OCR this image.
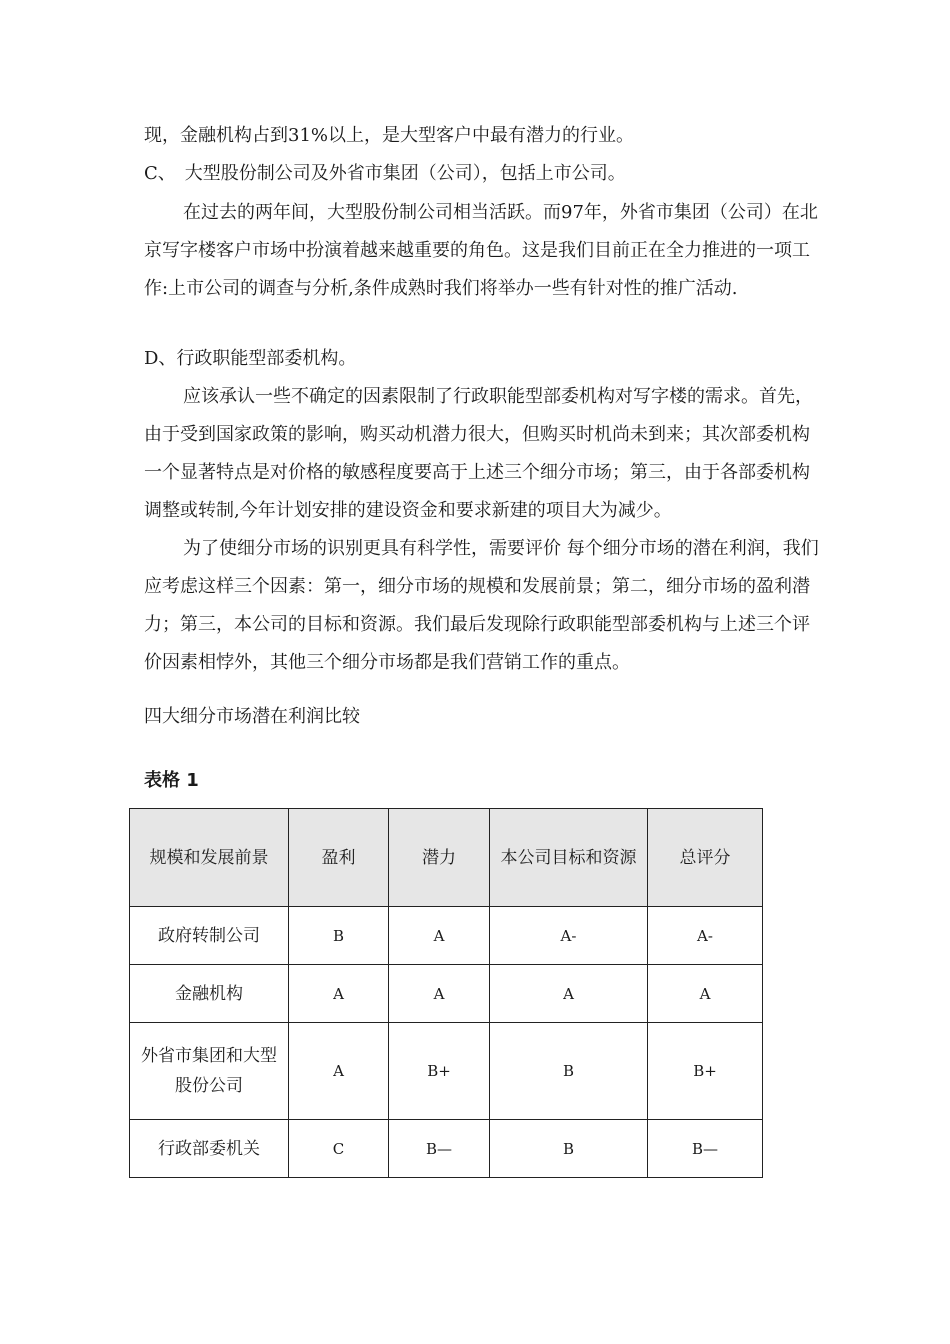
现，金融机构占到31%以上，是大型客户中最有潜力的行业。
C、　大型股份制公司及外省市集团（公司），包括上市公司。
在过去的两年间，大型股份制公司相当活跃。而97年，外省市集团（公司）在北京写字楼客户市场中扮演着越来越重要的角色。这是我们目前正在全力推进的一项工作:上市公司的调查与分析,条件成熟时我们将举办一些有针对性的推广活动.
D、行政职能型部委机构。
应该承认一些不确定的因素限制了行政职能型部委机构对写字楼的需求。首先，由于受到国家政策的影响，购买动机潜力很大，但购买时机尚未到来；其次部委机构一个显著特点是对价格的敏感程度要高于上述三个细分市场；第三，由于各部委机构调整或转制,今年计划安排的建设资金和要求新建的项目大为减少。
为了使细分市场的识别更具有科学性，需要评价 每个细分市场的潜在利润，我们应考虑这样三个因素：第一，细分市场的规模和发展前景；第二，细分市场的盈利潜力；第三，本公司的目标和资源。我们最后发现除行政职能型部委机构与上述三个评价因素相悖外，其他三个细分市场都是我们营销工作的重点。
四大细分市场潜在利润比较
表格 1
规模和发展前景	盈利	潜力	本公司目标和资源	总评分
政府转制公司	B	A	A-	A-
金融机构	A	A	A	A
外省市集团和大型股份公司	A	B+	B	B+
行政部委机关	C	B—	B	B—
